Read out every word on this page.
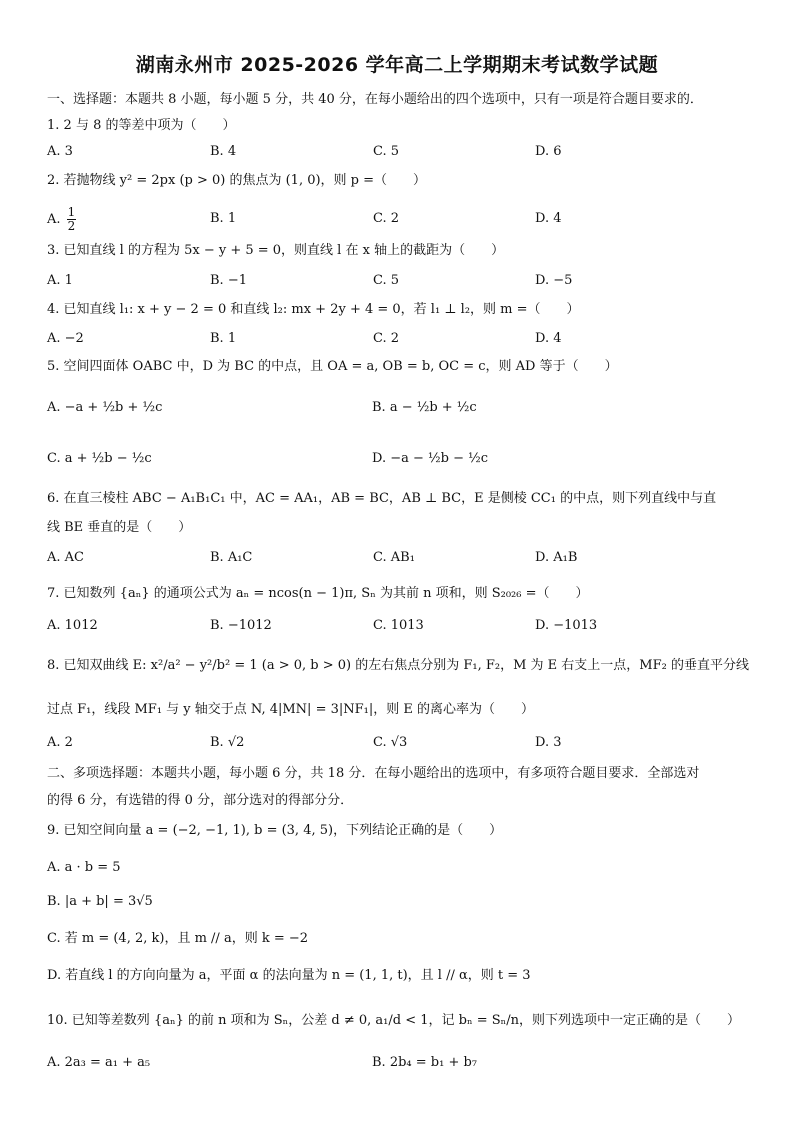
湖南永州市 2025-2026 学年高二上学期期末考试数学试题
一、选择题：本题共 8 小题，每小题 5 分，共 40 分，在每小题给出的四个选项中，只有一项是符合题目要求的．
1. 2 与 8 的等差中项为（　　）
A. 3	B. 4	C. 5	D. 6
2. 若抛物线 y² = 2px (p > 0) 的焦点为 (1, 0)，则 p =（　　）
A. $\frac{1}{2}$	B. 1	C. 2	D. 4
3. 已知直线 l 的方程为 5x − y + 5 = 0，则直线 l 在 x 轴上的截距为（　　）
A. 1	B. −1	C. 5	D. −5
4. 已知直线 l₁: x + y − 2 = 0 和直线 l₂: mx + 2y + 4 = 0，若 l₁ ⊥ l₂，则 m =（　　）
A. −2	B. 1	C. 2	D. 4
5. 空间四面体 OABC 中，D 为 BC 的中点，且 OA = a, OB = b, OC = c，则 AD 等于（　　）
A. −a + ½b + ½c	B. a − ½b + ½c
C. a + ½b − ½c	D. −a − ½b − ½c
6. 在直三棱柱 ABC − A₁B₁C₁ 中，AC = AA₁，AB = BC，AB ⊥ BC，E 是侧棱 CC₁ 的中点，则下列直线中与直
线 BE 垂直的是（　　）
A. AC	B. A₁C	C. AB₁	D. A₁B
7. 已知数列 {aₙ} 的通项公式为 aₙ = ncos(n − 1)π, Sₙ 为其前 n 项和，则 S₂₀₂₆ =（　　）
A. 1012	B. −1012	C. 1013	D. −1013
8. 已知双曲线 E: x²/a² − y²/b² = 1 (a > 0, b > 0) 的左右焦点分别为 F₁, F₂，M 为 E 右支上一点，MF₂ 的垂直平分线
过点 F₁，线段 MF₁ 与 y 轴交于点 N, 4|MN| = 3|NF₁|，则 E 的离心率为（　　）
A. 2	B. √2	C. √3	D. 3
二、多项选择题：本题共小题，每小题 6 分，共 18 分．在每小题给出的选项中，有多项符合题目要求．全部选对
的得 6 分，有选错的得 0 分，部分选对的得部分分．
9. 已知空间向量 a = (−2, −1, 1), b = (3, 4, 5)，下列结论正确的是（　　）
A. a · b = 5
B. |a + b| = 3√5
C. 若 m = (4, 2, k)，且 m // a，则 k = −2
D. 若直线 l 的方向向量为 a，平面 α 的法向量为 n = (1, 1, t)，且 l // α，则 t = 3
10. 已知等差数列 {aₙ} 的前 n 项和为 Sₙ，公差 d ≠ 0, a₁/d < 1，记 bₙ = Sₙ/n，则下列选项中一定正确的是（　　）
A. 2a₃ = a₁ + a₅	B. 2b₄ = b₁ + b₇
